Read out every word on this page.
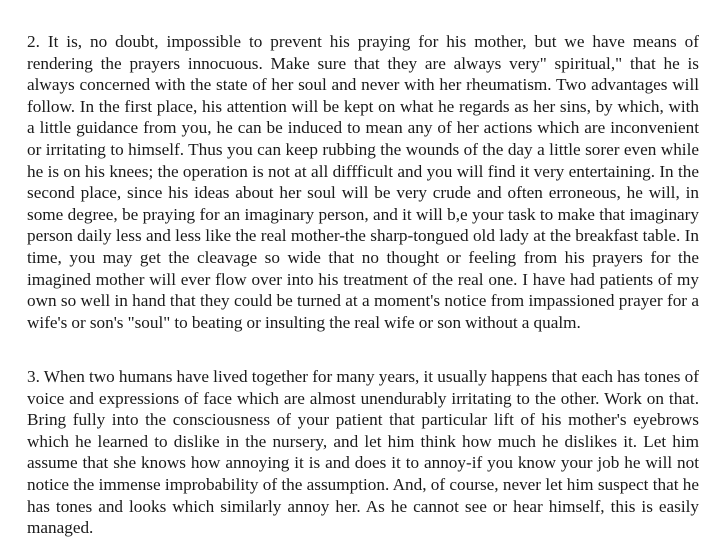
2. It is, no doubt, impossible to prevent his praying for his mother, but we have means of rendering the prayers innocuous. Make sure that they are always very" spiritual," that he is always concerned with the state of her soul and never with her rheumatism. Two advantages will follow. In the first place, his attention will be kept on what he regards as her sins, by which, with a little guidance from you, he can be induced to mean any of her actions which are inconvenient or irritating to himself. Thus you can keep rubbing the wounds of the day a little sorer even while he is on his knees; the operation is not at all diffficult and you will find it very entertaining. In the second place, since his ideas about her soul will be very crude and often erroneous, he will, in some degree, be praying for an imaginary person, and it will b,e your task to make that imaginary person daily less and less like the real mother-the sharp-tongued old lady at the breakfast table. In time, you may get the cleavage so wide that no thought or feeling from his prayers for the imagined mother will ever flow over into his treatment of the real one. I have had patients of my own so well in hand that they could be turned at a moment's notice from impassioned prayer for a wife's or son's "soul" to beating or insulting the real wife or son without a qualm.

3. When two humans have lived together for many years, it usually happens that each has tones of voice and expressions of face which are almost unendurably irritating to the other. Work on that. Bring fully into the consciousness of your patient that particular lift of his mother's eyebrows which he learned to dislike in the nursery, and let him think how much he dislikes it. Let him assume that she knows how annoying it is and does it to annoy-if you know your job he will not notice the immense improbability of the assumption. And, of course, never let him suspect that he has tones and looks which similarly annoy her. As he cannot see or hear himself, this is easily managed.
